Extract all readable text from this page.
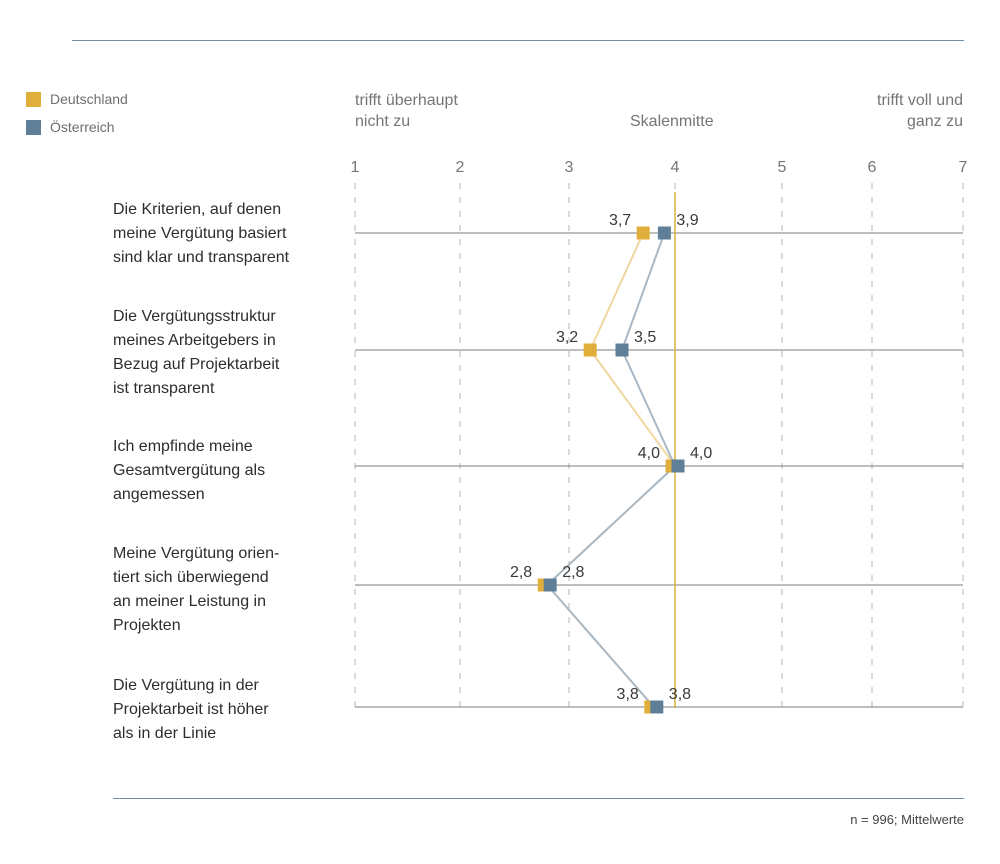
Deutschland
Österreich
trifft überhaupt
nicht zu	Skalenmitte
trifft voll und
ganz zu
Die Kriterien, auf denen
meine Vergütung basiert
sind klar und transparent
Die Vergütungsstruktur
meines Arbeitgebers in
Bezug auf Projektarbeit
ist transparent
Ich empfinde meine
Gesamtvergütung als
angemessen
Meine Vergütung orien-
tiert sich überwiegend
an meiner Leistung in
Projekten
Die Vergütung in der
Projektarbeit ist höher
als in der Linie
1	2	3	4	5	6	7
3,7	3,9
3,2	3,5
4,0 4,0
2,8 2,8
3,8 3,8
n = 996; Mittelwerte
